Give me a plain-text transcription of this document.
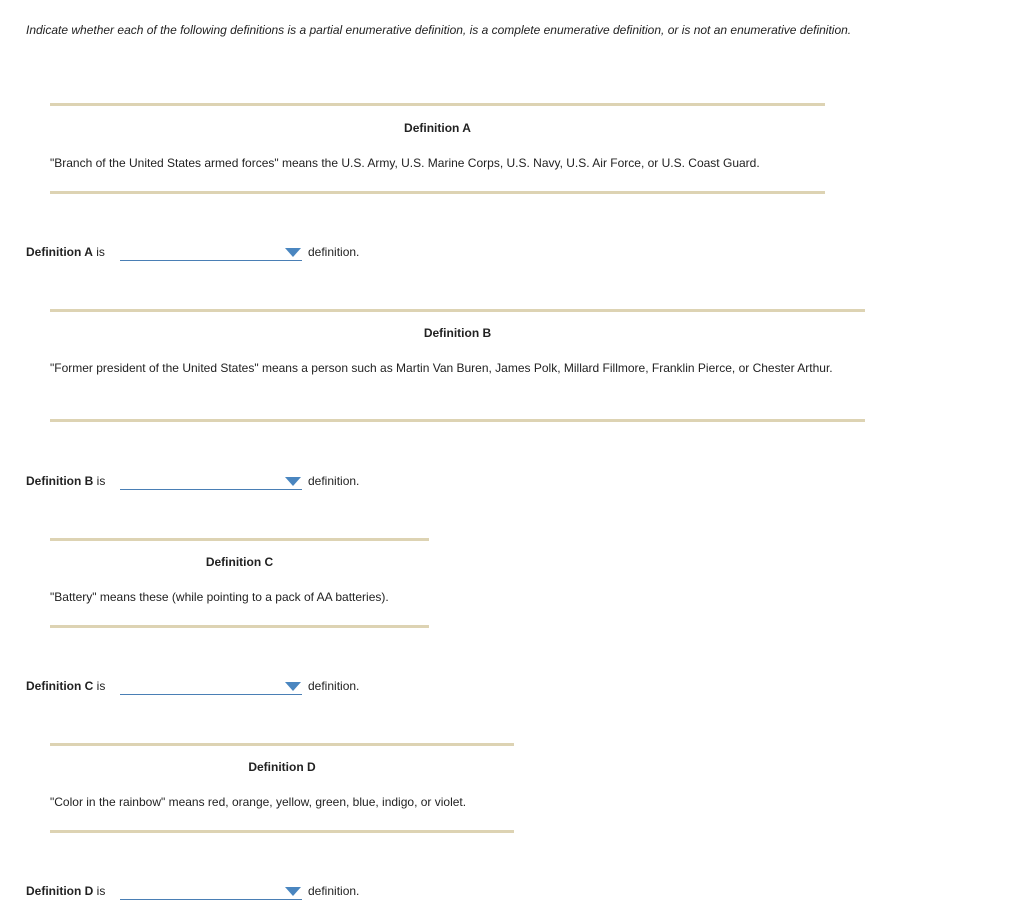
Indicate whether each of the following definitions is a partial enumerative definition, is a complete enumerative definition, or is not an enumerative definition.
Definition A
"Branch of the United States armed forces" means the U.S. Army, U.S. Marine Corps, U.S. Navy, U.S. Air Force, or U.S. Coast Guard.
Definition A is	definition.
Definition B
"Former president of the United States" means a person such as Martin Van Buren, James Polk, Millard Fillmore, Franklin Pierce, or Chester Arthur.
Definition B is	definition.
Definition C
"Battery" means these (while pointing to a pack of AA batteries).
Definition C is	definition.
Definition D
"Color in the rainbow" means red, orange, yellow, green, blue, indigo, or violet.
Definition D is	definition.
